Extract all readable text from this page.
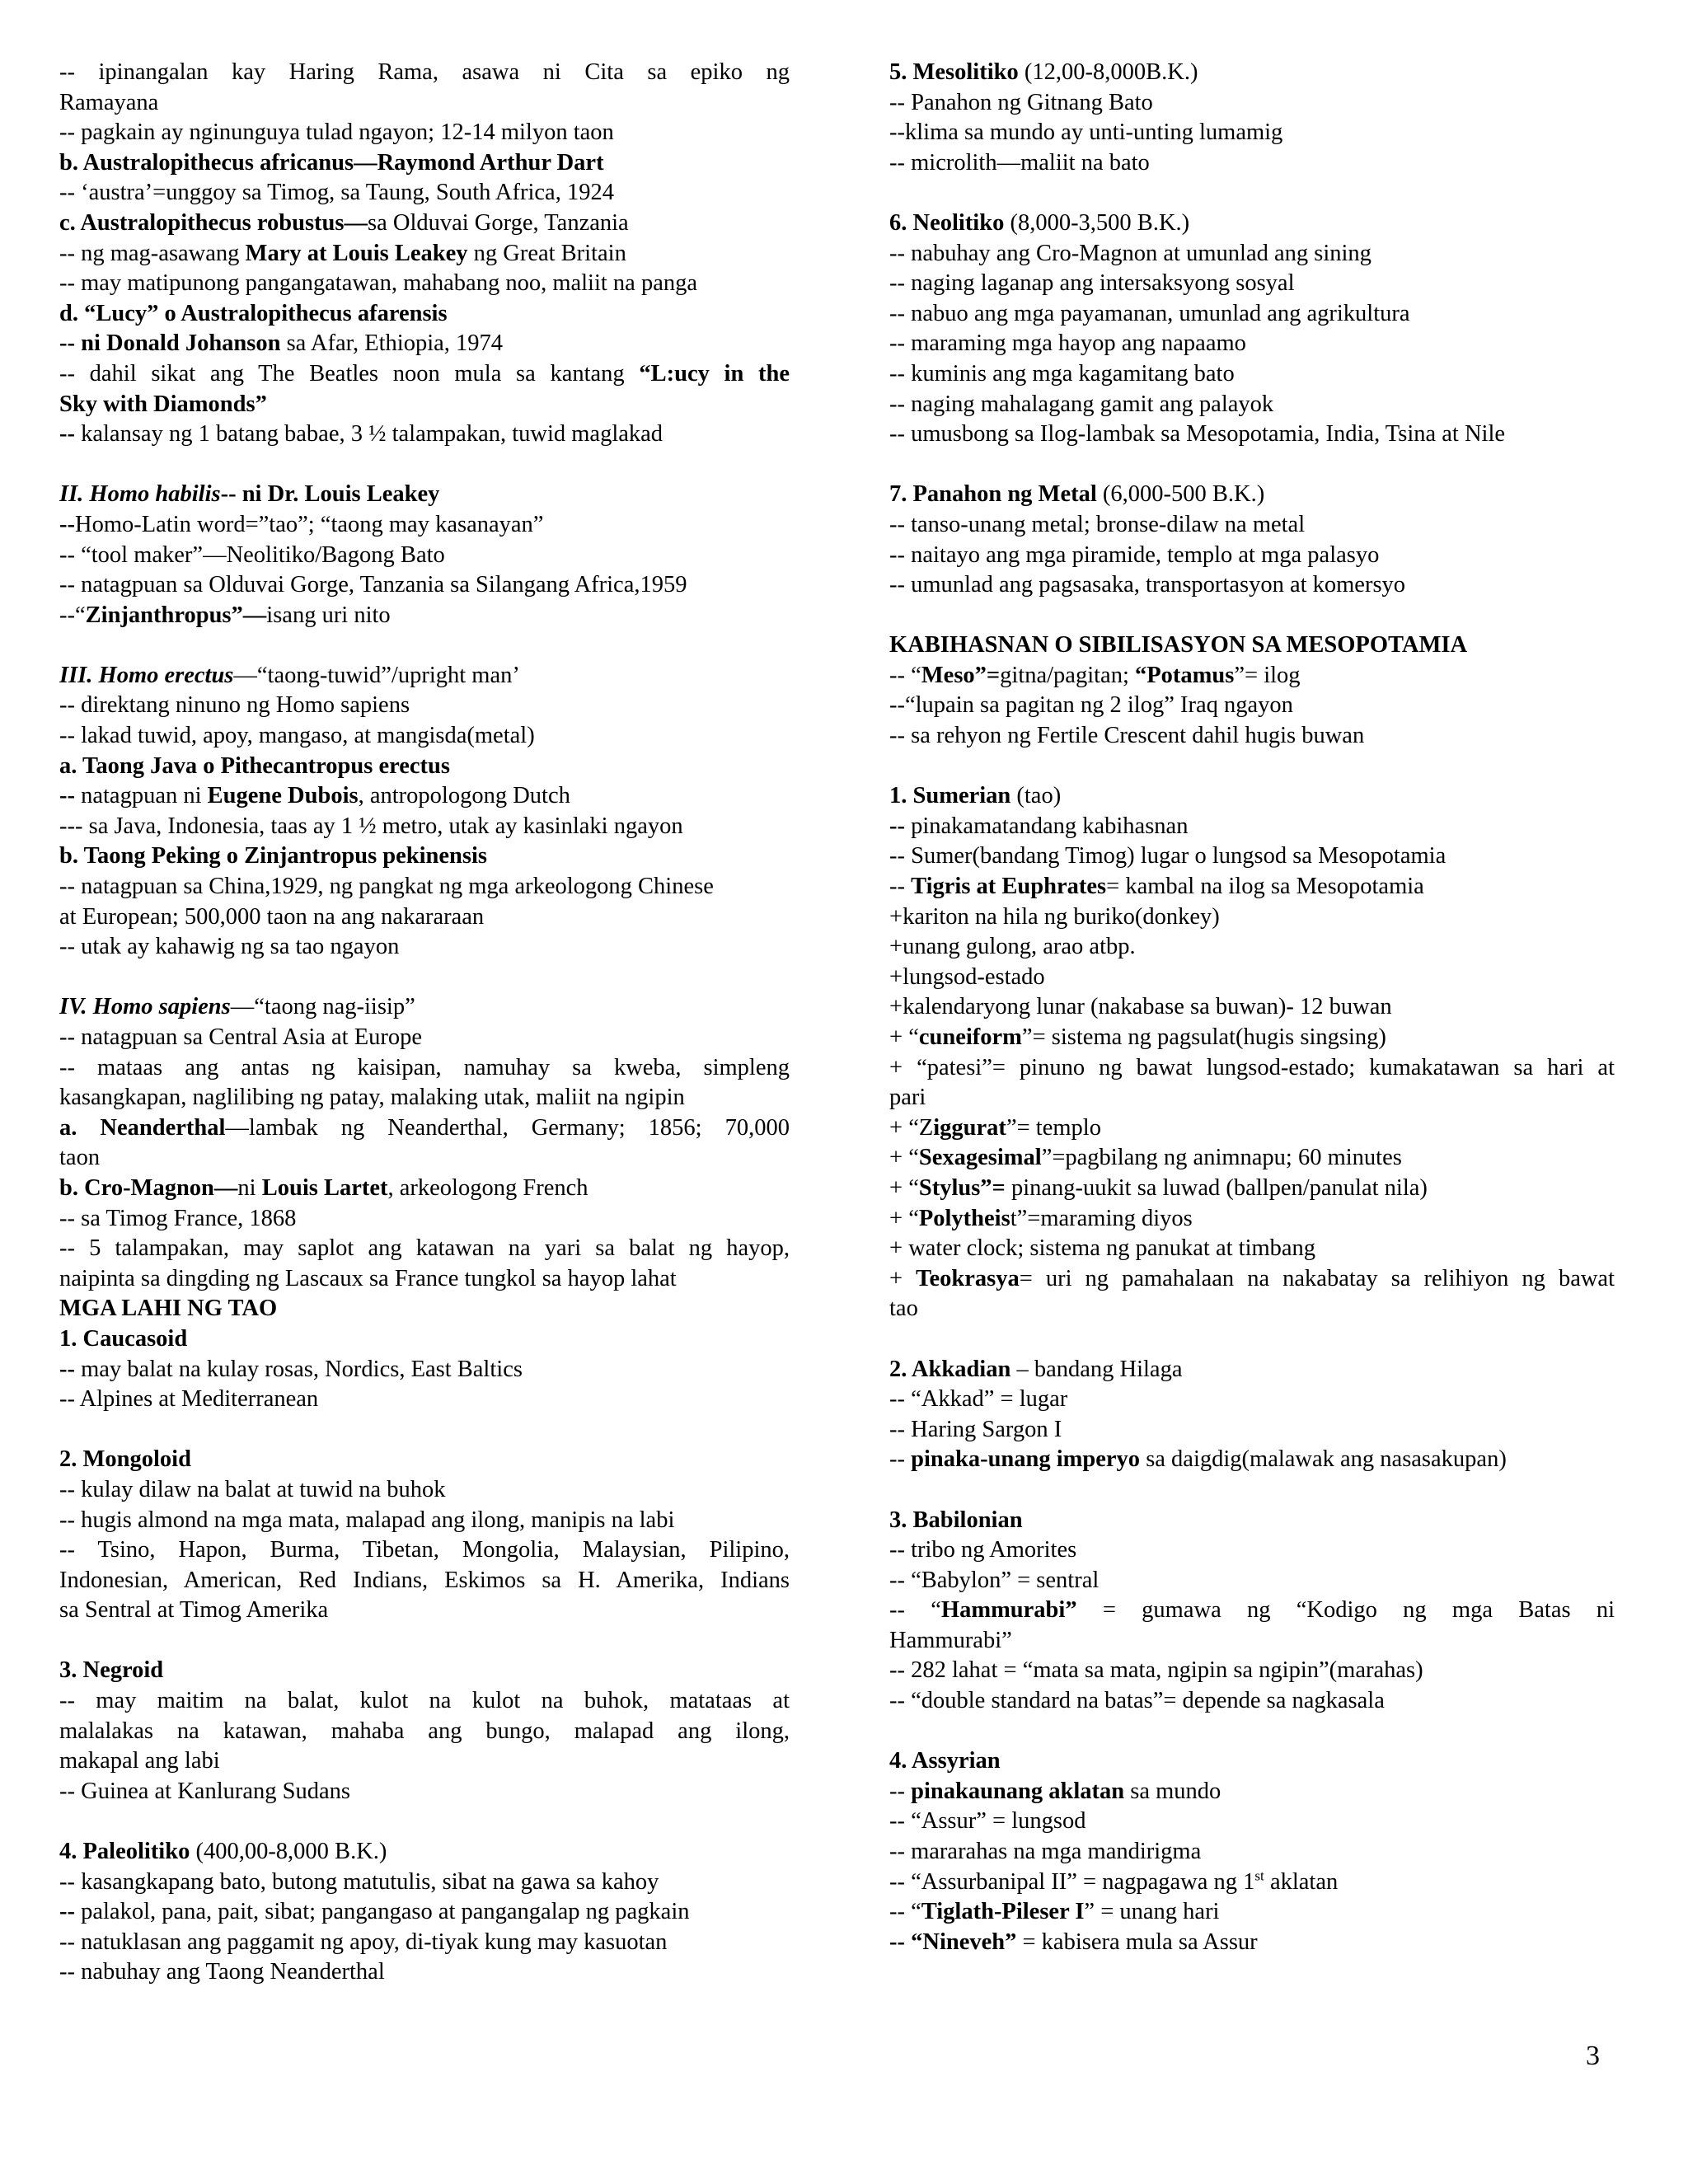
-- ipinangalan kay Haring Rama, asawa ni Cita sa epiko ng
Ramayana
-- pagkain ay nginunguya tulad ngayon; 12-14 milyon taon
b. Australopithecus africanus—Raymond Arthur Dart
-- ‘austra’=unggoy sa Timog, sa Taung, South Africa, 1924
c. Australopithecus robustus—sa Olduvai Gorge, Tanzania
-- ng mag-asawang Mary at Louis Leakey ng Great Britain
-- may matipunong pangangatawan, mahabang noo, maliit na panga
d. “Lucy” o Australopithecus afarensis
-- ni Donald Johanson sa Afar, Ethiopia, 1974
-- dahil sikat ang The Beatles noon mula sa kantang “L:ucy in the
Sky with Diamonds”
-- kalansay ng 1 batang babae, 3 ½ talampakan, tuwid maglakad
II. Homo habilis-- ni Dr. Louis Leakey
--Homo-Latin word=”tao”; “taong may kasanayan”
-- “tool maker”—Neolitiko/Bagong Bato
-- natagpuan sa Olduvai Gorge, Tanzania sa Silangang Africa,1959
--“Zinjanthropus”—isang uri nito
III. Homo erectus—“taong-tuwid”/upright man’
-- direktang ninuno ng Homo sapiens
-- lakad tuwid, apoy, mangaso, at mangisda(metal)
a. Taong Java o Pithecantropus erectus
-- natagpuan ni Eugene Dubois, antropologong Dutch
--- sa Java, Indonesia, taas ay 1 ½ metro, utak ay kasinlaki ngayon
b. Taong Peking o Zinjantropus pekinensis
-- natagpuan sa China,1929, ng pangkat ng mga arkeologong Chinese
at European; 500,000 taon na ang nakararaan
-- utak ay kahawig ng sa tao ngayon
IV. Homo sapiens—“taong nag-iisip”
-- natagpuan sa Central Asia at Europe
-- mataas ang antas ng kaisipan, namuhay sa kweba, simpleng
kasangkapan, naglilibing ng patay, malaking utak, maliit na ngipin
a. Neanderthal—lambak ng Neanderthal, Germany; 1856; 70,000
taon
b. Cro-Magnon—ni Louis Lartet, arkeologong French
-- sa Timog France, 1868
-- 5 talampakan, may saplot ang katawan na yari sa balat ng hayop,
naipinta sa dingding ng Lascaux sa France tungkol sa hayop lahat
MGA LAHI NG TAO
1. Caucasoid
-- may balat na kulay rosas, Nordics, East Baltics
-- Alpines at Mediterranean
2. Mongoloid
-- kulay dilaw na balat at tuwid na buhok
-- hugis almond na mga mata, malapad ang ilong, manipis na labi
-- Tsino, Hapon, Burma, Tibetan, Mongolia, Malaysian, Pilipino,
Indonesian, American, Red Indians, Eskimos sa H. Amerika, Indians
sa Sentral at Timog Amerika
3. Negroid
-- may maitim na balat, kulot na kulot na buhok, matataas at
malalakas na katawan, mahaba ang bungo, malapad ang ilong,
makapal ang labi
-- Guinea at Kanlurang Sudans
4. Paleolitiko (400,00-8,000 B.K.)
-- kasangkapang bato, butong matutulis, sibat na gawa sa kahoy
-- palakol, pana, pait, sibat; pangangaso at pangangalap ng pagkain
-- natuklasan ang paggamit ng apoy, di-tiyak kung may kasuotan
-- nabuhay ang Taong Neanderthal
5. Mesolitiko (12,00-8,000B.K.)
-- Panahon ng Gitnang Bato
--klima sa mundo ay unti-unting lumamig
-- microlith—maliit na bato
6. Neolitiko (8,000-3,500 B.K.)
-- nabuhay ang Cro-Magnon at umunlad ang sining
-- naging laganap ang intersaksyong sosyal
-- nabuo ang mga payamanan, umunlad ang agrikultura
-- maraming mga hayop ang napaamo
-- kuminis ang mga kagamitang bato
-- naging mahalagang gamit ang palayok
-- umusbong sa Ilog-lambak sa Mesopotamia, India, Tsina at Nile
7. Panahon ng Metal (6,000-500 B.K.)
-- tanso-unang metal; bronse-dilaw na metal
-- naitayo ang mga piramide, templo at mga palasyo
-- umunlad ang pagsasaka, transportasyon at komersyo
KABIHASNAN O SIBILISASYON SA MESOPOTAMIA
-- “Meso”=gitna/pagitan; “Potamus”= ilog
--“lupain sa pagitan ng 2 ilog” Iraq ngayon
-- sa rehyon ng Fertile Crescent dahil hugis buwan
1. Sumerian (tao)
-- pinakamatandang kabihasnan
-- Sumer(bandang Timog) lugar o lungsod sa Mesopotamia
-- Tigris at Euphrates= kambal na ilog sa Mesopotamia
+kariton na hila ng buriko(donkey)
+unang gulong, arao atbp.
+lungsod-estado
+kalendaryong lunar (nakabase sa buwan)- 12 buwan
+ “cuneiform”= sistema ng pagsulat(hugis singsing)
+ “patesi”= pinuno ng bawat lungsod-estado; kumakatawan sa hari at
pari
+ “Ziggurat”= templo
+ “Sexagesimal”=pagbilang ng animnapu; 60 minutes
+ “Stylus”= pinang-uukit sa luwad (ballpen/panulat nila)
+ “Polytheist”=maraming diyos
+ water clock; sistema ng panukat at timbang
+ Teokrasya= uri ng pamahalaan na nakabatay sa relihiyon ng bawat
tao
2. Akkadian – bandang Hilaga
-- “Akkad” = lugar
-- Haring Sargon I
-- pinaka-unang imperyo sa daigdig(malawak ang nasasakupan)
3. Babilonian
-- tribo ng Amorites
-- “Babylon” = sentral
-- “Hammurabi” = gumawa ng “Kodigo ng mga Batas ni
Hammurabi”
-- 282 lahat = “mata sa mata, ngipin sa ngipin”(marahas)
-- “double standard na batas”= depende sa nagkasala
4. Assyrian
-- pinakaunang aklatan sa mundo
-- “Assur” = lungsod
-- mararahas na mga mandirigma
-- “Assurbanipal II” = nagpagawa ng 1st aklatan
-- “Tiglath-Pileser I” = unang hari
-- “Nineveh” = kabisera mula sa Assur
3
